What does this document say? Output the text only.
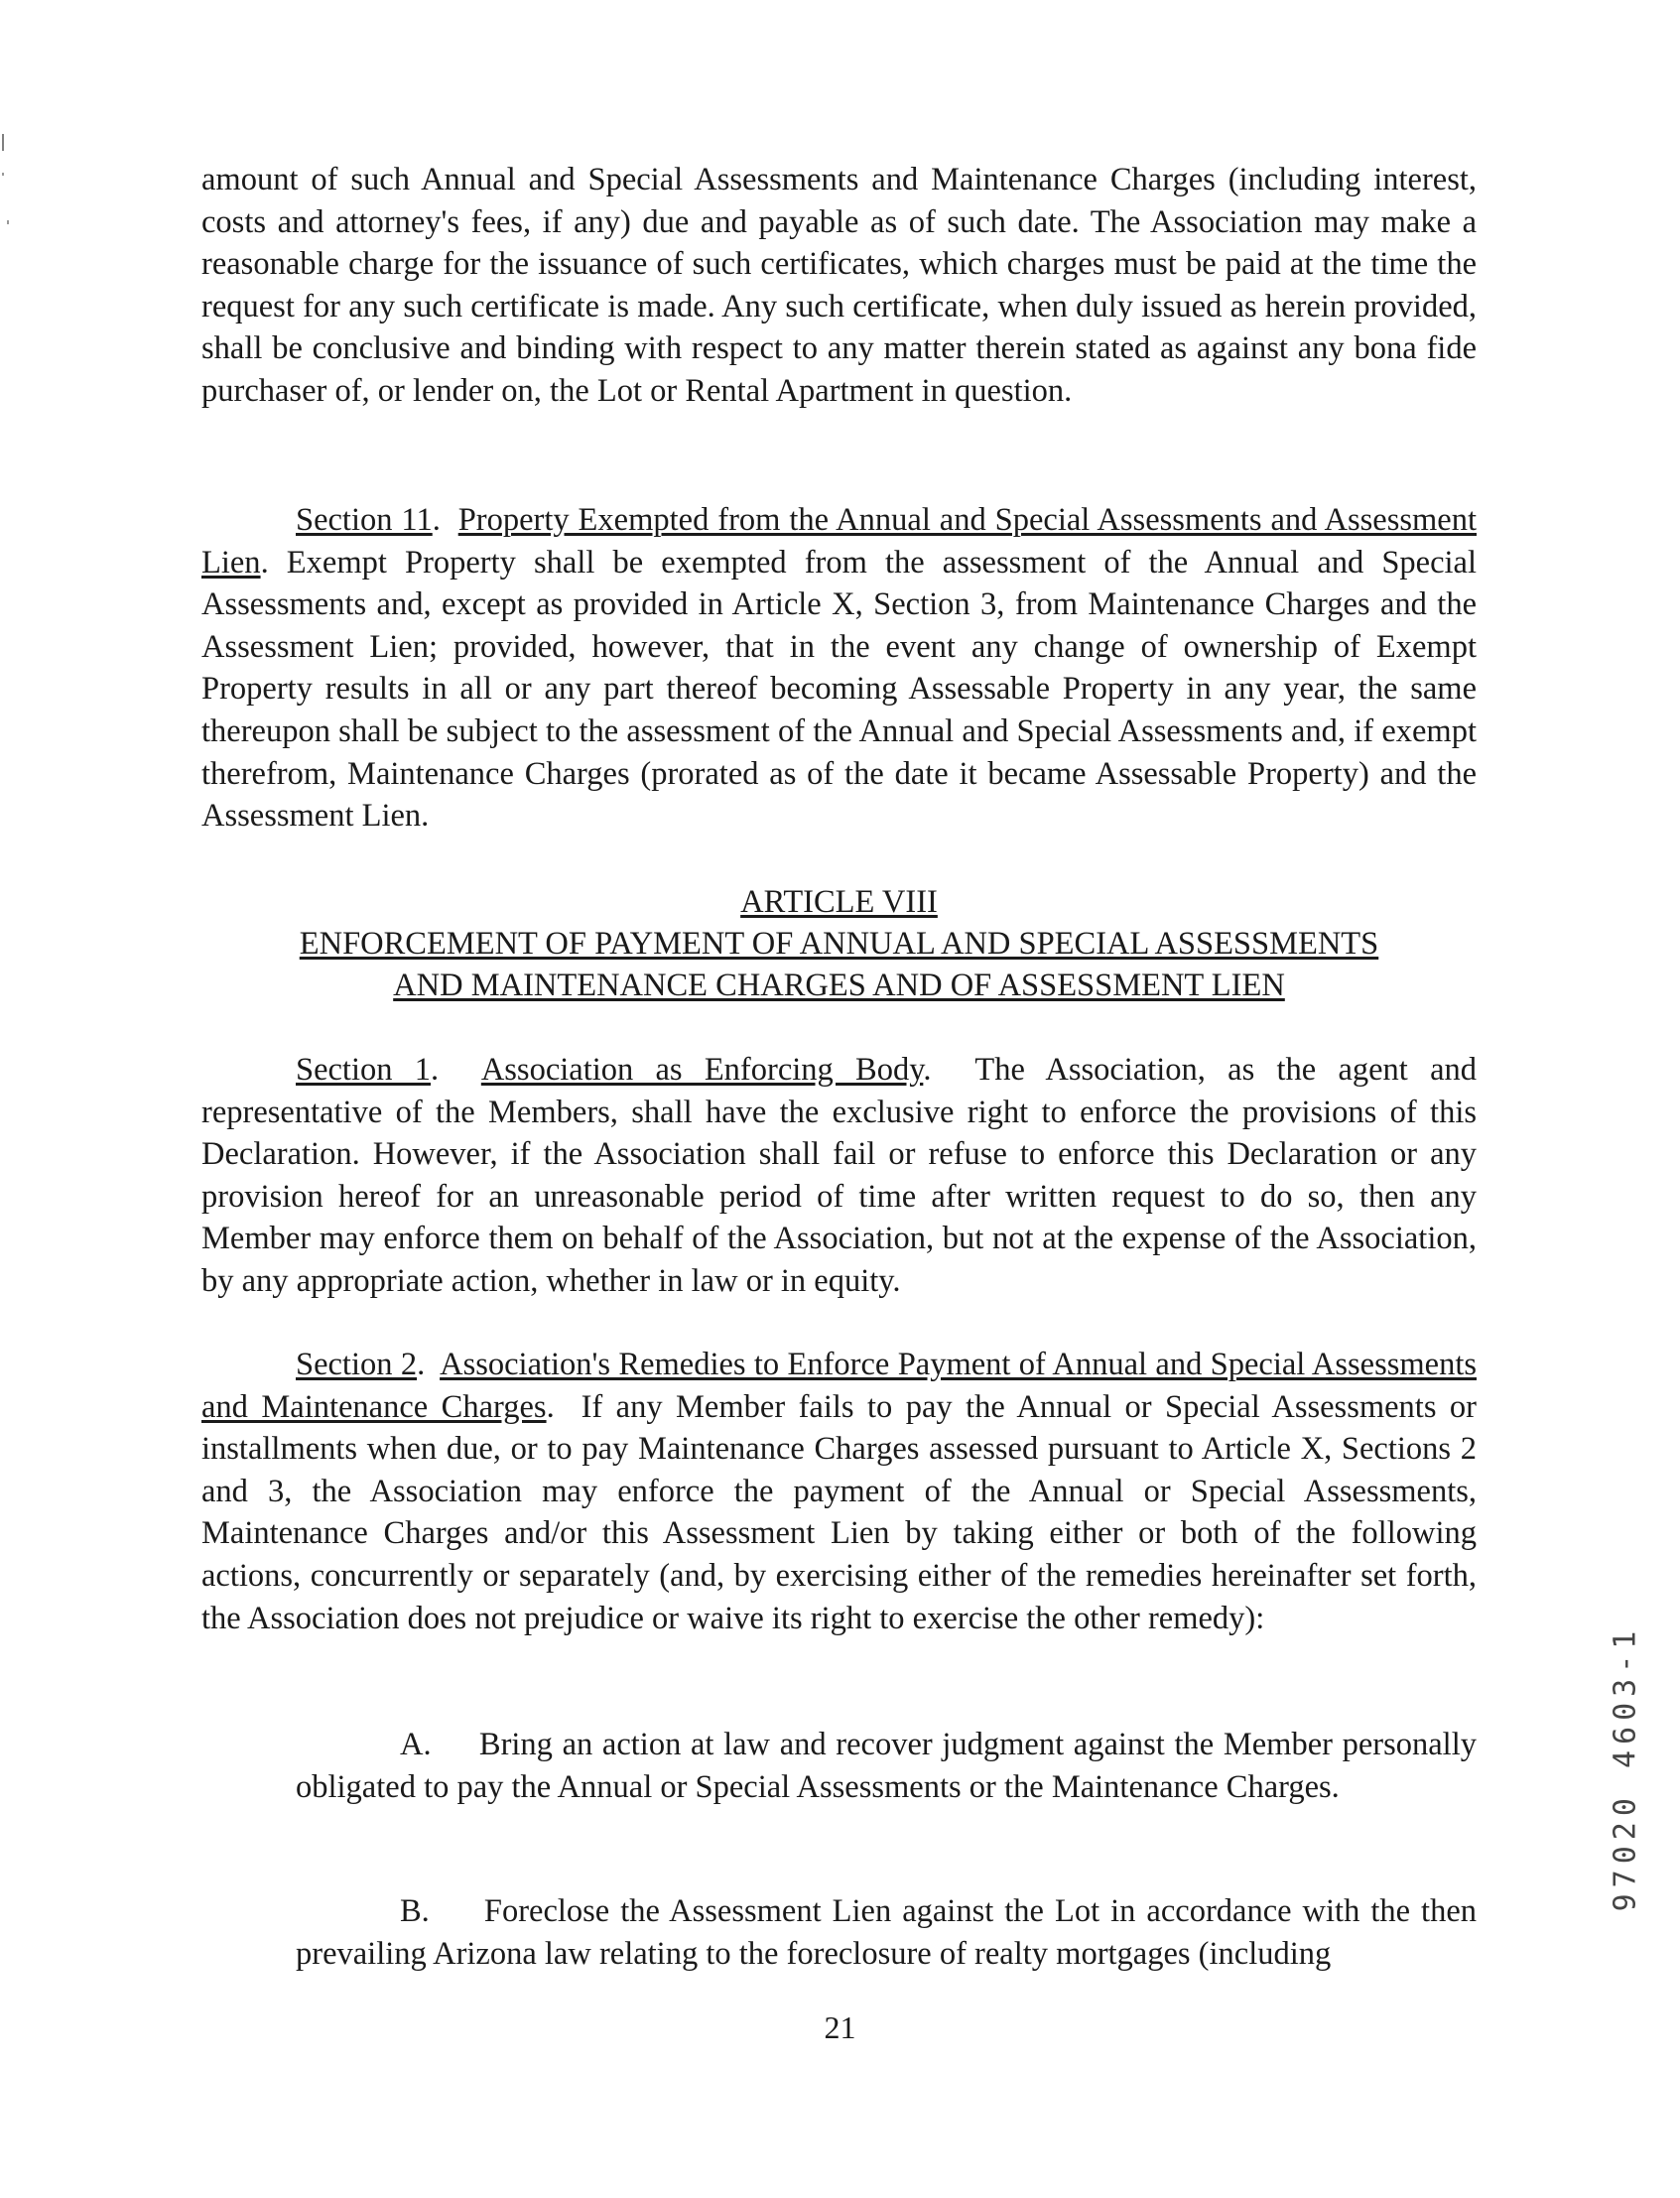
amount of such Annual and Special Assessments and Maintenance Charges (including interest, costs and attorney's fees, if any) due and payable as of such date. The Association may make a reasonable charge for the issuance of such certificates, which charges must be paid at the time the request for any such certificate is made. Any such certificate, when duly issued as herein provided, shall be conclusive and binding with respect to any matter therein stated as against any bona fide purchaser of, or lender on, the Lot or Rental Apartment in question.

Section 11.  Property Exempted from the Annual and Special Assessments and Assessment Lien. Exempt Property shall be exempted from the assessment of the Annual and Special Assessments and, except as provided in Article X, Section 3, from Maintenance Charges and the Assessment Lien; provided, however, that in the event any change of ownership of Exempt Property results in all or any part thereof becoming Assessable Property in any year, the same thereupon shall be subject to the assessment of the Annual and Special Assessments and, if exempt therefrom, Maintenance Charges (prorated as of the date it became Assessable Property) and the Assessment Lien.

ARTICLE VIII
ENFORCEMENT OF PAYMENT OF ANNUAL AND SPECIAL ASSESSMENTS
AND MAINTENANCE CHARGES AND OF ASSESSMENT LIEN

Section 1.  Association as Enforcing Body.  The Association, as the agent and representative of the Members, shall have the exclusive right to enforce the provisions of this Declaration. However, if the Association shall fail or refuse to enforce this Declaration or any provision hereof for an unreasonable period of time after written request to do so, then any Member may enforce them on behalf of the Association, but not at the expense of the Association, by any appropriate action, whether in law or in equity.

Section 2.  Association's Remedies to Enforce Payment of Annual and Special Assessments and Maintenance Charges.  If any Member fails to pay the Annual or Special Assessments or installments when due, or to pay Maintenance Charges assessed pursuant to Article X, Sections 2 and 3, the Association may enforce the payment of the Annual or Special Assessments, Maintenance Charges and/or this Assessment Lien by taking either or both of the following actions, concurrently or separately (and, by exercising either of the remedies hereinafter set forth, the Association does not prejudice or waive its right to exercise the other remedy):

A. Bring an action at law and recover judgment against the Member personally obligated to pay the Annual or Special Assessments or the Maintenance Charges.

B. Foreclose the Assessment Lien against the Lot in accordance with the then prevailing Arizona law relating to the foreclosure of realty mortgages (including

21
97020 4603-1
